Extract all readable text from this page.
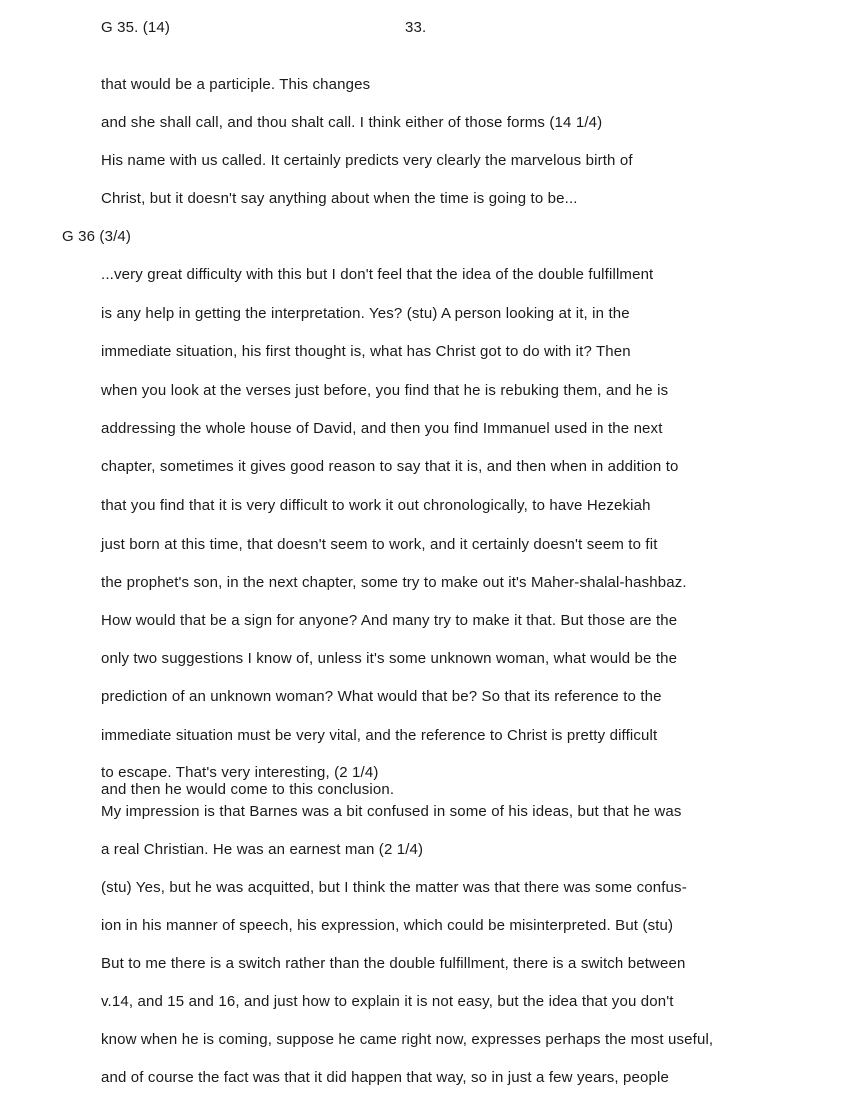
G 35. (14)	33.
G 36 (3/4)
that would be a participle. This changes
and she shall call, and thou shalt call. I think either of those forms (14 1/4)
His name with us called. It certainly predicts very clearly the marvelous birth of
Christ, but it doesn't say anything about when the time is going to be...
...very great difficulty with this but I don't feel that the idea of the double fulfillment
is any help in getting the interpretation. Yes? (stu) A person looking at it, in the
immediate situation, his first thought is, what has Christ got to do with it? Then
when you look at the verses just before, you find that he is rebuking them, and he is
addressing the whole house of David, and then you find Immanuel used in the next
chapter, sometimes it gives good reason to say that it is, and then when in addition to
that you find that it is very difficult to work it out chronologically, to have Hezekiah
just born at this time, that doesn't seem to work, and it certainly doesn't seem to fit
the prophet's son, in the next chapter, some try to make out it's Maher-shalal-hashbaz.
How would that be a sign for anyone? And many try to make it that. But those are the
only two suggestions I know of, unless it's some unknown woman, what would be the
prediction of an unknown woman? What would that be? So that its reference to the
immediate situation must be very vital, and the reference to Christ is pretty difficult
to escape. That's very interesting, (2 1/4)
and then he would come to this conclusion.
My impression is that Barnes was a bit confused in some of his ideas, but that he was
a real Christian. He was an earnest man (2 1/4)
(stu) Yes, but he was acquitted, but I think the matter was that there was some confus-
ion in his manner of speech, his expression, which could be misinterpreted. But (stu)
But to me there is a switch rather than the double fulfillment, there is a switch between
v.14, and 15 and 16, and just how to explain it is not easy, but the idea that you don't
know when he is coming, suppose he came right now, expresses perhaps the most useful,
and of course the fact was that it did happen that way, so in just a few years, people
